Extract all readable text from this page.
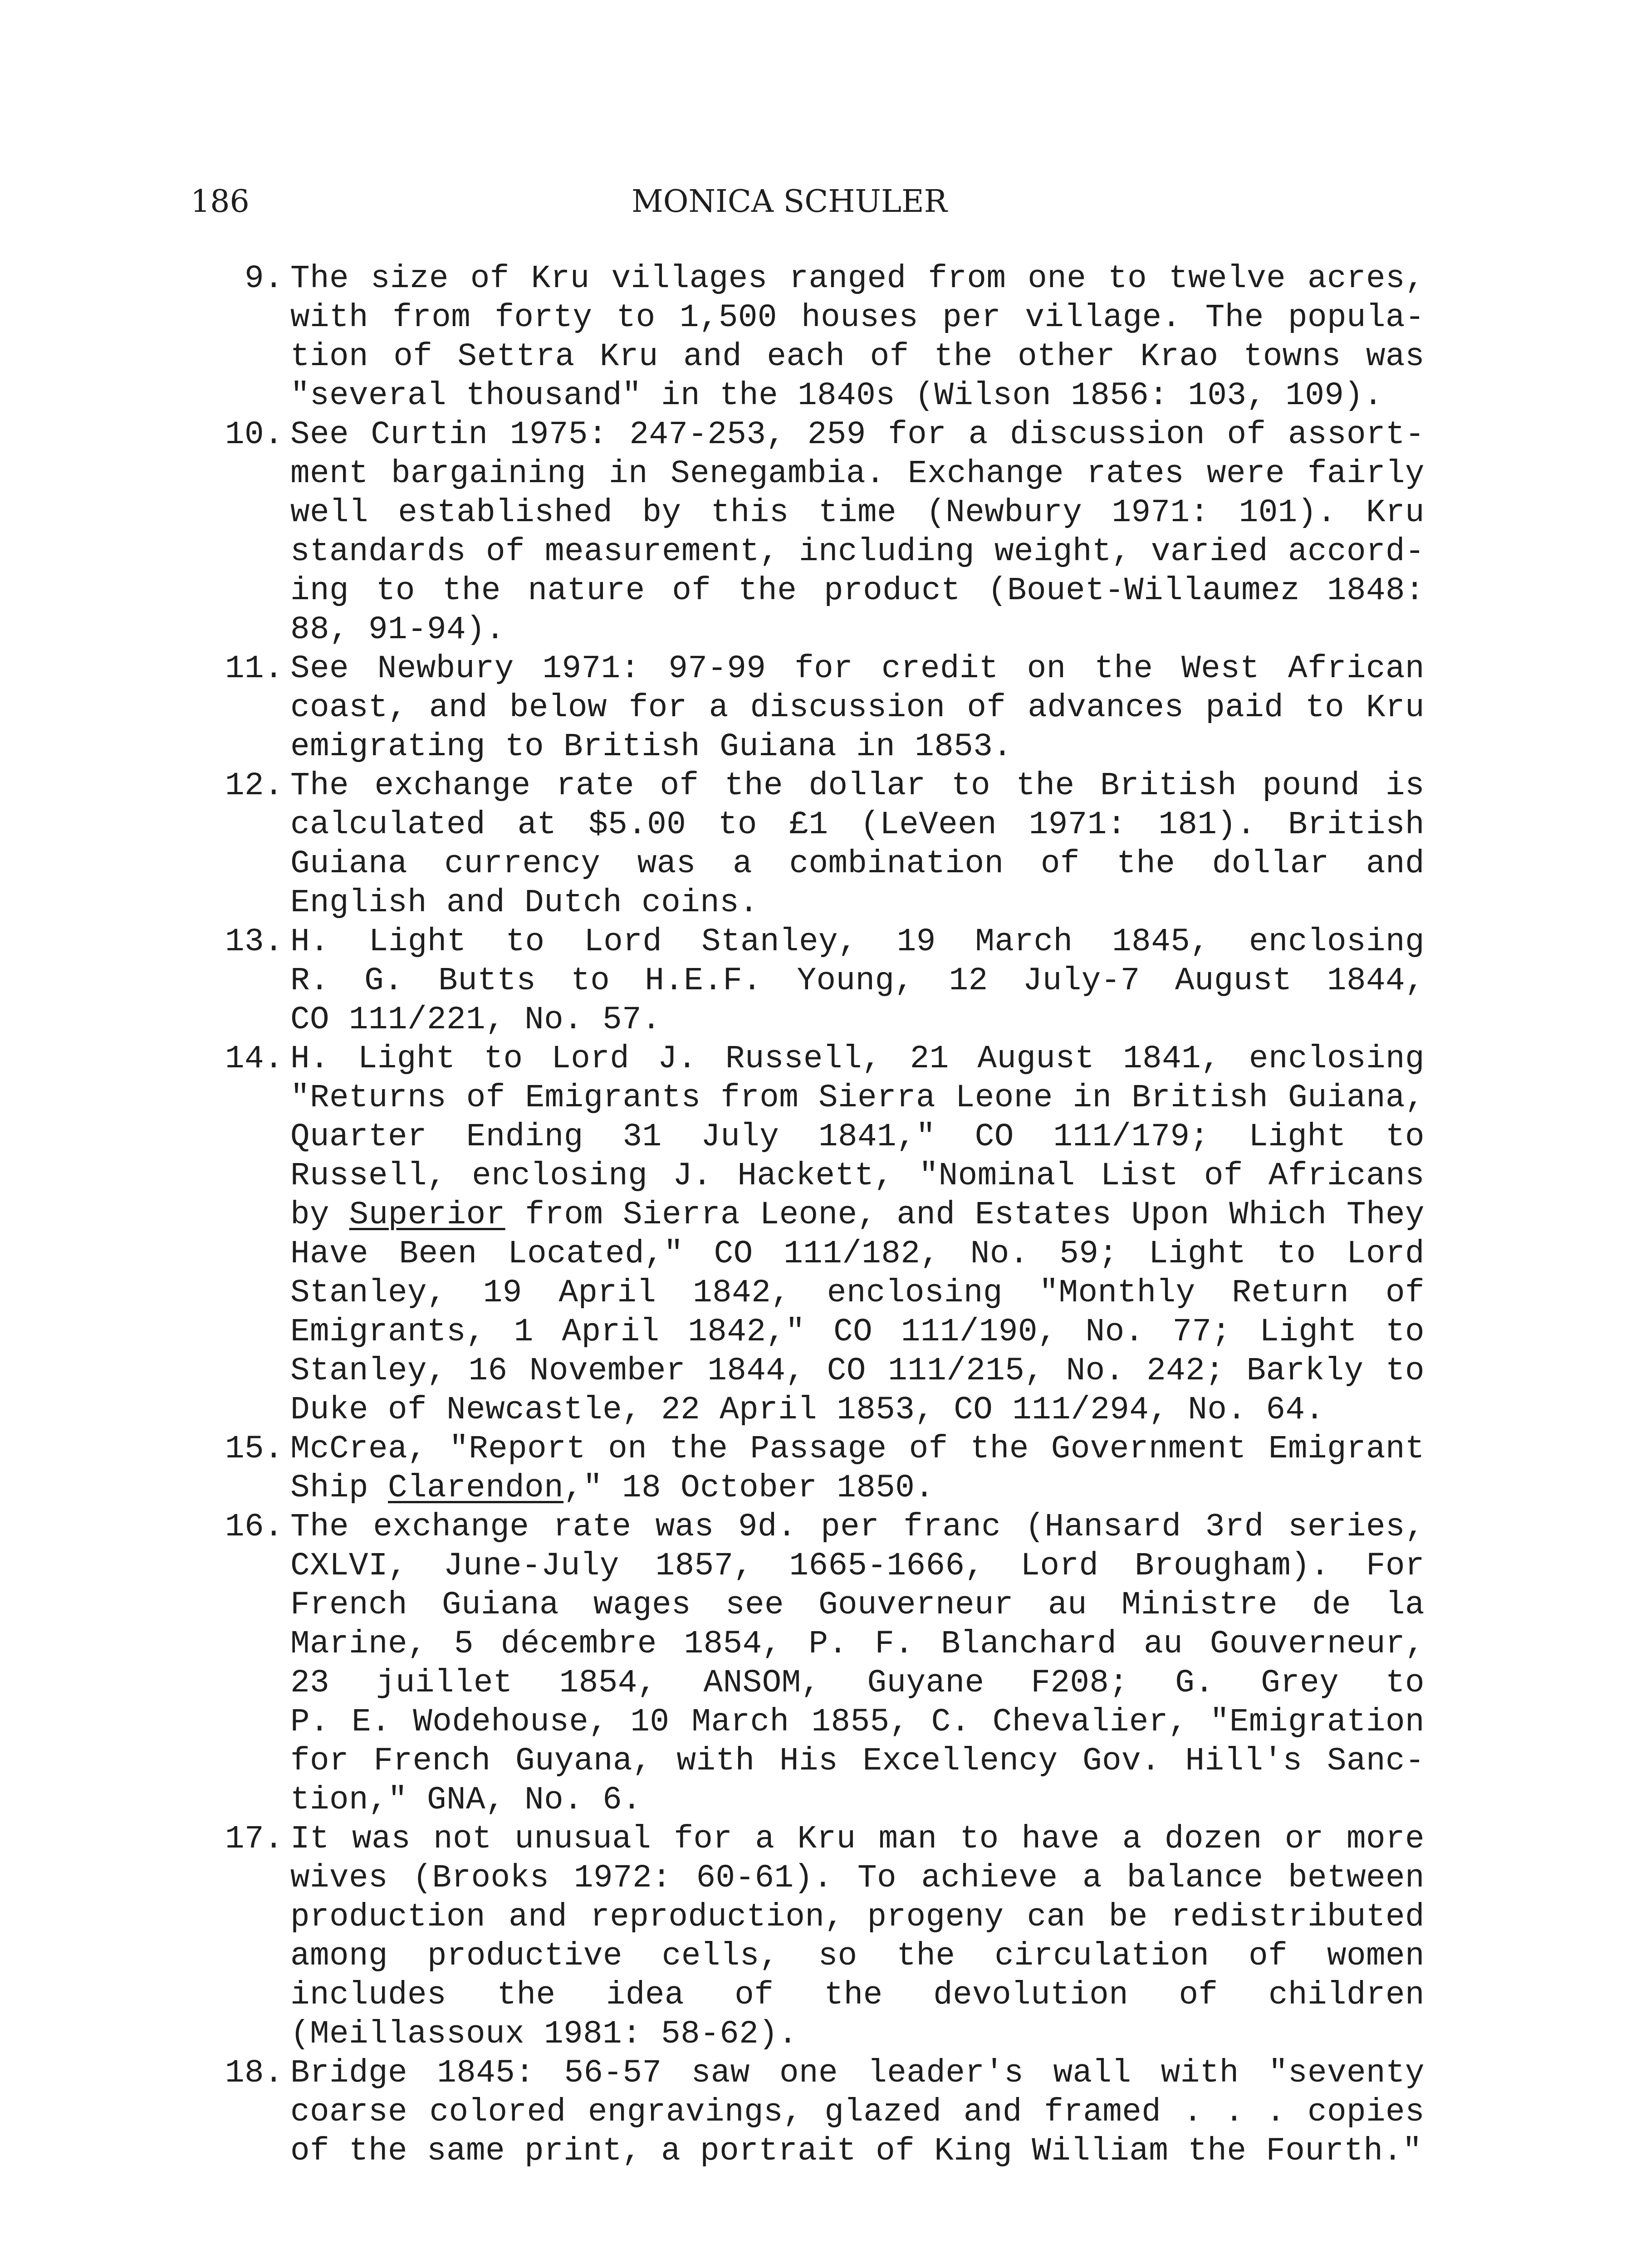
186	MONICA SCHULER
9. The size of Kru villages ranged from one to twelve acres,
with from forty to 1,500 houses per village. The popula-
tion of Settra Kru and each of the other Krao towns was
"several thousand" in the 1840s (Wilson 1856: 103, 109).
10. See Curtin 1975: 247-253, 259 for a discussion of assort-
ment bargaining in Senegambia. Exchange rates were fairly
well established by this time (Newbury 1971: 101). Kru
standards of measurement, including weight, varied accord-
ing to the nature of the product (Bouet-Willaumez 1848:
88, 91-94).
11. See Newbury 1971: 97-99 for credit on the West African
coast, and below for a discussion of advances paid to Kru
emigrating to British Guiana in 1853.
12. The exchange rate of the dollar to the British pound is
calculated at $5.00 to £1 (LeVeen 1971: 181). British
Guiana currency was a combination of the dollar and
English and Dutch coins.
13. H. Light to Lord Stanley, 19 March 1845, enclosing
R. G. Butts to H.E.F. Young, 12 July-7 August 1844,
CO 111/221, No. 57.
14. H. Light to Lord J. Russell, 21 August 1841, enclosing
"Returns of Emigrants from Sierra Leone in British Guiana,
Quarter Ending 31 July 1841," CO 111/179; Light to
Russell, enclosing J. Hackett, "Nominal List of Africans
by Superior from Sierra Leone, and Estates Upon Which They
Have Been Located," CO 111/182, No. 59; Light to Lord
Stanley, 19 April 1842, enclosing "Monthly Return of
Emigrants, 1 April 1842," CO 111/190, No. 77; Light to
Stanley, 16 November 1844, CO 111/215, No. 242; Barkly to
Duke of Newcastle, 22 April 1853, CO 111/294, No. 64.
15. McCrea, "Report on the Passage of the Government Emigrant
Ship Clarendon," 18 October 1850.
16. The exchange rate was 9d. per franc (Hansard 3rd series,
CXLVI, June-July 1857, 1665-1666, Lord Brougham). For
French Guiana wages see Gouverneur au Ministre de la
Marine, 5 décembre 1854, P. F. Blanchard au Gouverneur,
23 juillet 1854, ANSOM, Guyane F208; G. Grey to
P. E. Wodehouse, 10 March 1855, C. Chevalier, "Emigration
for French Guyana, with His Excellency Gov. Hill's Sanc-
tion," GNA, No. 6.
17. It was not unusual for a Kru man to have a dozen or more
wives (Brooks 1972: 60-61). To achieve a balance between
production and reproduction, progeny can be redistributed
among productive cells, so the circulation of women
includes the idea of the devolution of children
(Meillassoux 1981: 58-62).
18. Bridge 1845: 56-57 saw one leader's wall with "seventy
coarse colored engravings, glazed and framed . . . copies
of the same print, a portrait of King William the Fourth."
